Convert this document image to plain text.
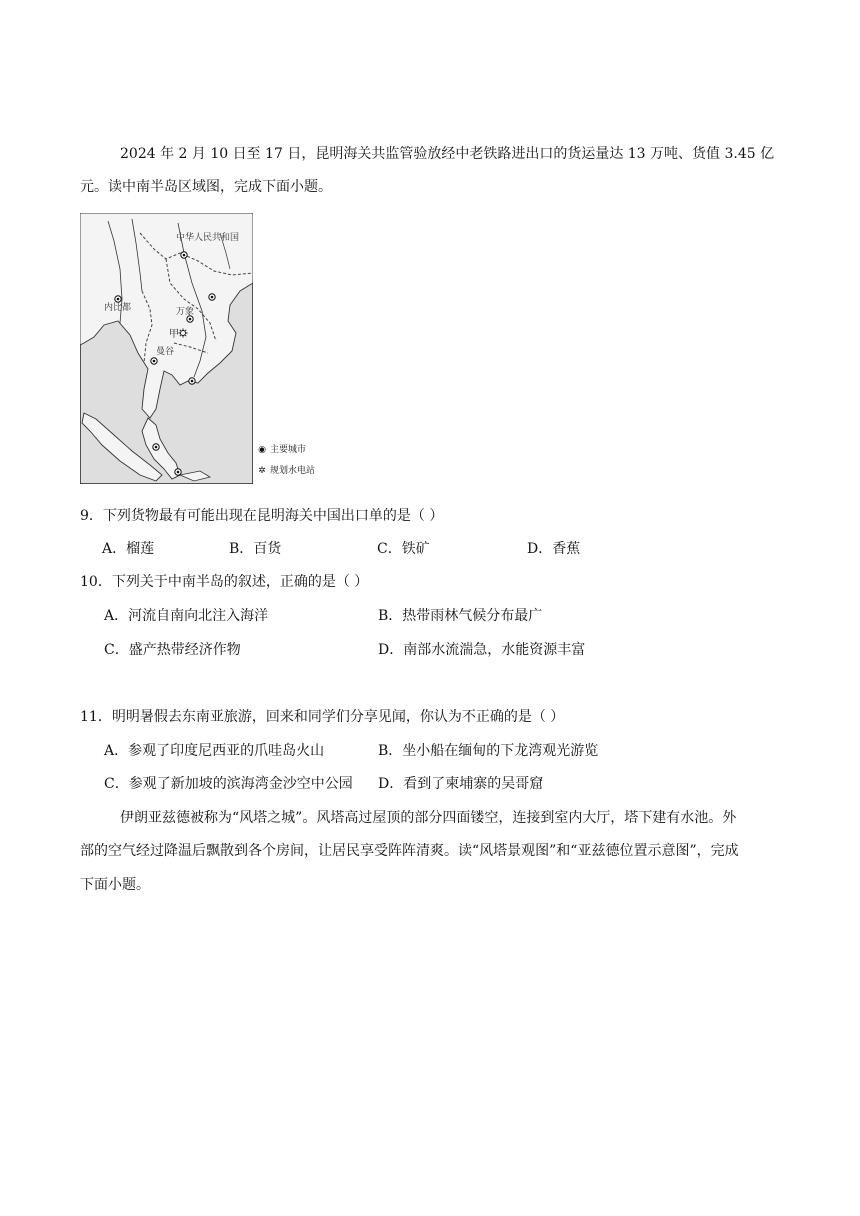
2024 年 2 月 10 日至 17 日，昆明海关共监管验放经中老铁路进出口的货运量达 13 万吨、货值 3.45 亿
元。读中南半岛区域图，完成下面小题。
中华人民共和国
内比都	万象
甲
曼谷
◉ 主要城市
✲ 规划水电站
9．下列货物最有可能出现在昆明海关中国出口单的是（ ）
A．榴莲	B．百货	C．铁矿	D．香蕉
10．下列关于中南半岛的叙述，正确的是（ ）
A．河流自南向北注入海洋	B．热带雨林气候分布最广
C．盛产热带经济作物	D．南部水流湍急，水能资源丰富
11．明明暑假去东南亚旅游，回来和同学们分享见闻，你认为不正确的是（ ）
A．参观了印度尼西亚的爪哇岛火山	B．坐小船在缅甸的下龙湾观光游览
C．参观了新加坡的滨海湾金沙空中公园 D．看到了柬埔寨的吴哥窟
伊朗亚兹德被称为“风塔之城”。风塔高过屋顶的部分四面镂空，连接到室内大厅，塔下建有水池。外
部的空气经过降温后飘散到各个房间，让居民享受阵阵清爽。读“风塔景观图”和“亚兹德位置示意图”，完成
下面小题。
